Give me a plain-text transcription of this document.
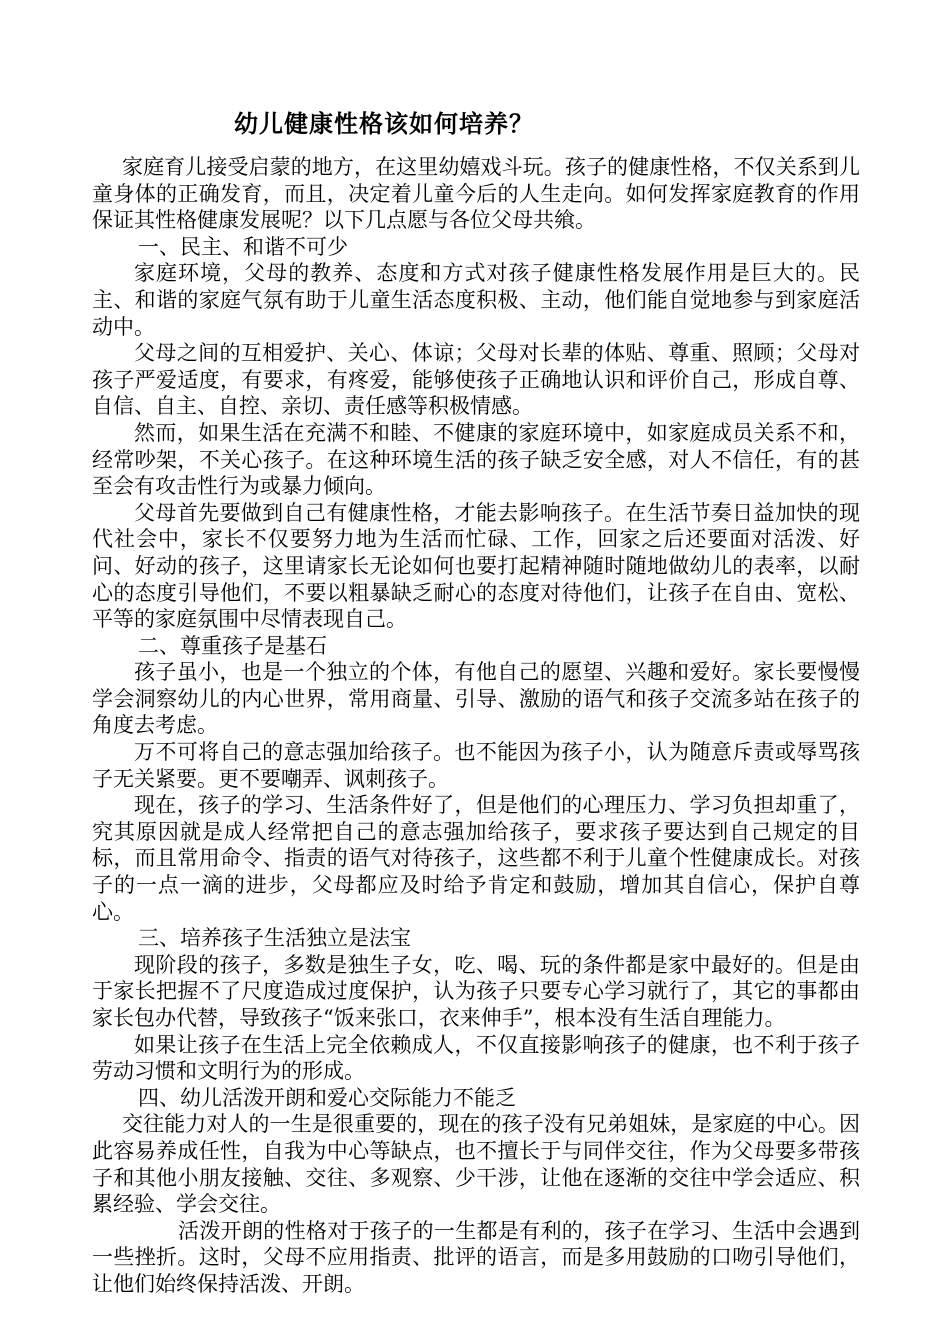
幼儿健康性格该如何培养？

家庭育儿接受启蒙的地方，在这里幼嬉戏斗玩。孩子的健康性格，不仅关系到儿童身体的正确发育，而且，决定着儿童今后的人生走向。如何发挥家庭教育的作用保证其性格健康发展呢？以下几点愿与各位父母共飨。

一、民主、和谐不可少

家庭环境，父母的教养、态度和方式对孩子健康性格发展作用是巨大的。民主、和谐的家庭气氛有助于儿童生活态度积极、主动，他们能自觉地参与到家庭活动中。

父母之间的互相爱护、关心、体谅；父母对长辈的体贴、尊重、照顾；父母对孩子严爱适度，有要求，有疼爱，能够使孩子正确地认识和评价自己，形成自尊、自信、自主、自控、亲切、责任感等积极情感。

然而，如果生活在充满不和睦、不健康的家庭环境中，如家庭成员关系不和，经常吵架，不关心孩子。在这种环境生活的孩子缺乏安全感，对人不信任，有的甚至会有攻击性行为或暴力倾向。

父母首先要做到自己有健康性格，才能去影响孩子。在生活节奏日益加快的现代社会中，家长不仅要努力地为生活而忙碌、工作，回家之后还要面对活泼、好问、好动的孩子，这里请家长无论如何也要打起精神随时随地做幼儿的表率，以耐心的态度引导他们，不要以粗暴缺乏耐心的态度对待他们，让孩子在自由、宽松、平等的家庭氛围中尽情表现自己。

二、尊重孩子是基石

孩子虽小，也是一个独立的个体，有他自己的愿望、兴趣和爱好。家长要慢慢学会洞察幼儿的内心世界，常用商量、引导、激励的语气和孩子交流多站在孩子的角度去考虑。

万不可将自己的意志强加给孩子。也不能因为孩子小，认为随意斥责或辱骂孩子无关紧要。更不要嘲弄、讽刺孩子。

现在，孩子的学习、生活条件好了，但是他们的心理压力、学习负担却重了，究其原因就是成人经常把自己的意志强加给孩子，要求孩子要达到自己规定的目标，而且常用命令、指责的语气对待孩子，这些都不利于儿童个性健康成长。对孩子的一点一滴的进步，父母都应及时给予肯定和鼓励，增加其自信心，保护自尊心。

三、培养孩子生活独立是法宝

现阶段的孩子，多数是独生子女，吃、喝、玩的条件都是家中最好的。但是由于家长把握不了尺度造成过度保护，认为孩子只要专心学习就行了，其它的事都由家长包办代替，导致孩子“饭来张口，衣来伸手”，根本没有生活自理能力。

如果让孩子在生活上完全依赖成人，不仅直接影响孩子的健康，也不利于孩子劳动习惯和文明行为的形成。

四、幼儿活泼开朗和爱心交际能力不能乏

交往能力对人的一生是很重要的，现在的孩子没有兄弟姐妹，是家庭的中心。因此容易养成任性，自我为中心等缺点，也不擅长于与同伴交往，作为父母要多带孩子和其他小朋友接触、交往、多观察、少干涉，让他在逐渐的交往中学会适应、积累经验、学会交往。

活泼开朗的性格对于孩子的一生都是有利的，孩子在学习、生活中会遇到一些挫折。这时，父母不应用指责、批评的语言，而是多用鼓励的口吻引导他们，让他们始终保持活泼、开朗。
